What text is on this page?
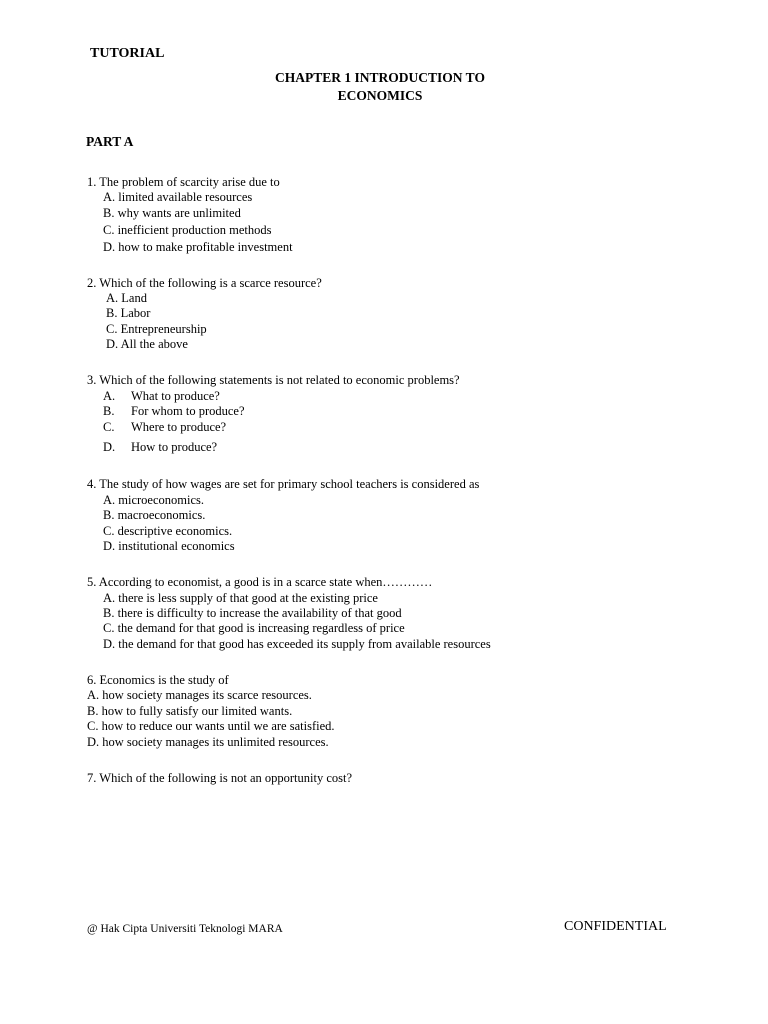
TUTORIAL
CHAPTER 1 INTRODUCTION TO
ECONOMICS
PART A
1. The problem of scarcity arise due to
A. limited available resources
B. why wants are unlimited
C. inefficient production methods
D. how to make profitable investment
2. Which of the following is a scarce resource?
A. Land
B. Labor
C. Entrepreneurship
D. All the above
3. Which of the following statements is not related to economic problems?
A. What to produce?
B. For whom to produce?
C. Where to produce?
D. How to produce?
4. The study of how wages are set for primary school teachers is considered as
A. microeconomics.
B. macroeconomics.
C. descriptive economics.
D. institutional economics
5. According to economist, a good is in a scarce state when…………
A. there is less supply of that good at the existing price
B. there is difficulty to increase the availability of that good
C. the demand for that good is increasing regardless of price
D. the demand for that good has exceeded its supply from available resources
6. Economics is the study of
A. how society manages its scarce resources.
B. how to fully satisfy our limited wants.
C. how to reduce our wants until we are satisfied.
D. how society manages its unlimited resources.
7. Which of the following is not an opportunity cost?
@ Hak Cipta Universiti Teknologi MARA	CONFIDENTIAL
